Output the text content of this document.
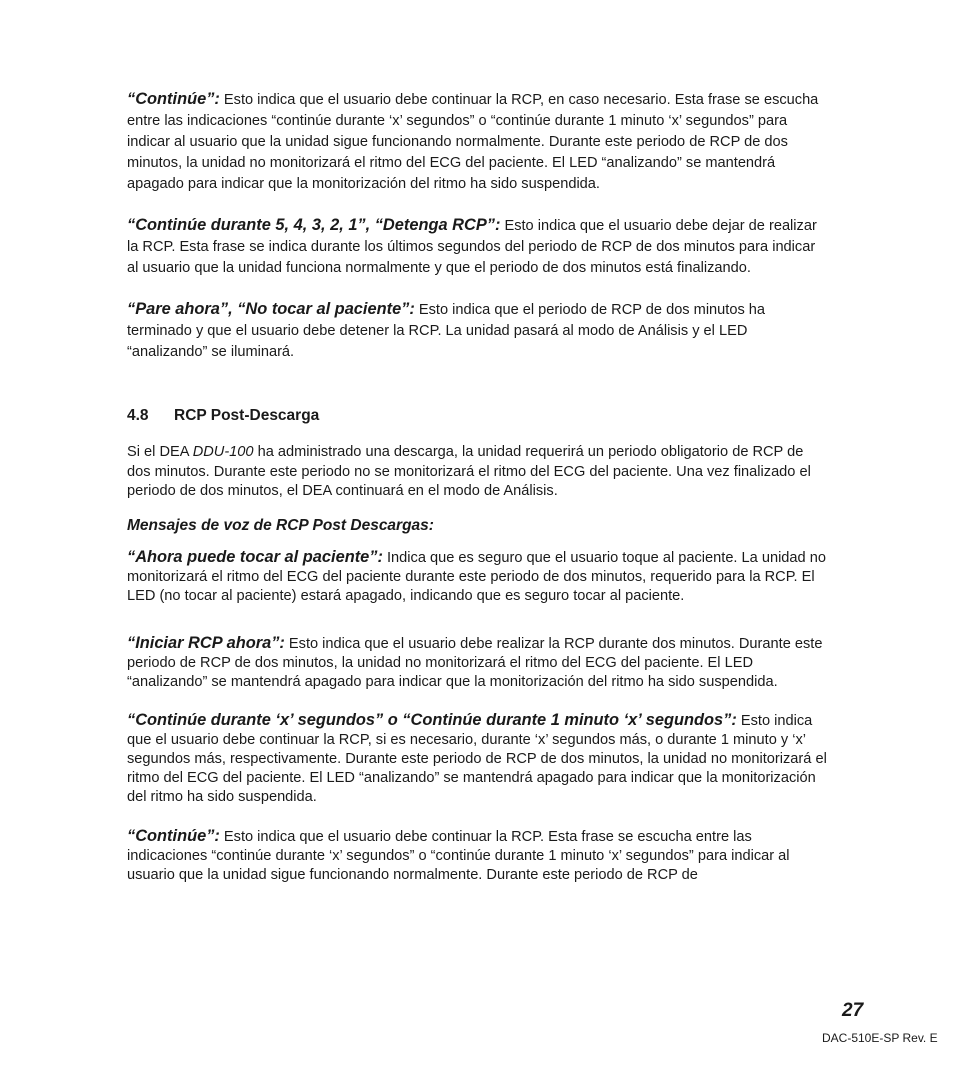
“Continúe”: Esto indica que el usuario debe continuar la RCP, en caso necesario. Esta frase se escucha entre las indicaciones “continúe durante ‘x’ segundos” o “continúe durante 1 minuto ‘x’ segundos” para indicar al usuario que la unidad sigue funcionando normalmente. Durante este periodo de RCP de dos minutos, la unidad no monitorizará el ritmo del ECG del paciente. El LED “analizando” se mantendrá apagado para indicar que la monitorización del ritmo ha sido suspendida.

“Continúe durante 5, 4, 3, 2, 1”, “Detenga RCP”: Esto indica que el usuario debe dejar de realizar la RCP. Esta frase se indica durante los últimos segundos del periodo de RCP de dos minutos para indicar al usuario que la unidad funciona normalmente y que el periodo de dos minutos está finalizando.

“Pare ahora”, “No tocar al paciente”: Esto indica que el periodo de RCP de dos minutos ha terminado y que el usuario debe detener la RCP. La unidad pasará al modo de Análisis y el LED “analizando” se iluminará.

4.8 RCP Post-Descarga

Si el DEA DDU-100 ha administrado una descarga, la unidad requerirá un periodo obligatorio de RCP de dos minutos. Durante este periodo no se monitorizará el ritmo del ECG del paciente. Una vez finalizado el periodo de dos minutos, el DEA continuará en el modo de Análisis.

Mensajes de voz de RCP Post Descargas:

“Ahora puede tocar al paciente”: Indica que es seguro que el usuario toque al paciente. La unidad no monitorizará el ritmo del ECG del paciente durante este periodo de dos minutos, requerido para la RCP. El LED (no tocar al paciente) estará apagado, indicando que es seguro tocar al paciente.

“Iniciar RCP ahora”: Esto indica que el usuario debe realizar la RCP durante dos minutos. Durante este periodo de RCP de dos minutos, la unidad no monitorizará el ritmo del ECG del paciente. El LED “analizando” se mantendrá apagado para indicar que la monitorización del ritmo ha sido suspendida.

“Continúe durante ‘x’ segundos” o “Continúe durante 1 minuto ‘x’ segundos”: Esto indica que el usuario debe continuar la RCP, si es necesario, durante ‘x’ segundos más, o durante 1 minuto y ‘x’ segundos más, respectivamente. Durante este periodo de RCP de dos minutos, la unidad no monitorizará el ritmo del ECG del paciente. El LED “analizando” se mantendrá apagado para indicar que la monitorización del ritmo ha sido suspendida.

“Continúe”: Esto indica que el usuario debe continuar la RCP. Esta frase se escucha entre las indicaciones “continúe durante ‘x’ segundos” o “continúe durante 1 minuto ‘x’ segundos” para indicar al usuario que la unidad sigue funcionando normalmente. Durante este periodo de RCP de

27
DAC-510E-SP Rev. E
